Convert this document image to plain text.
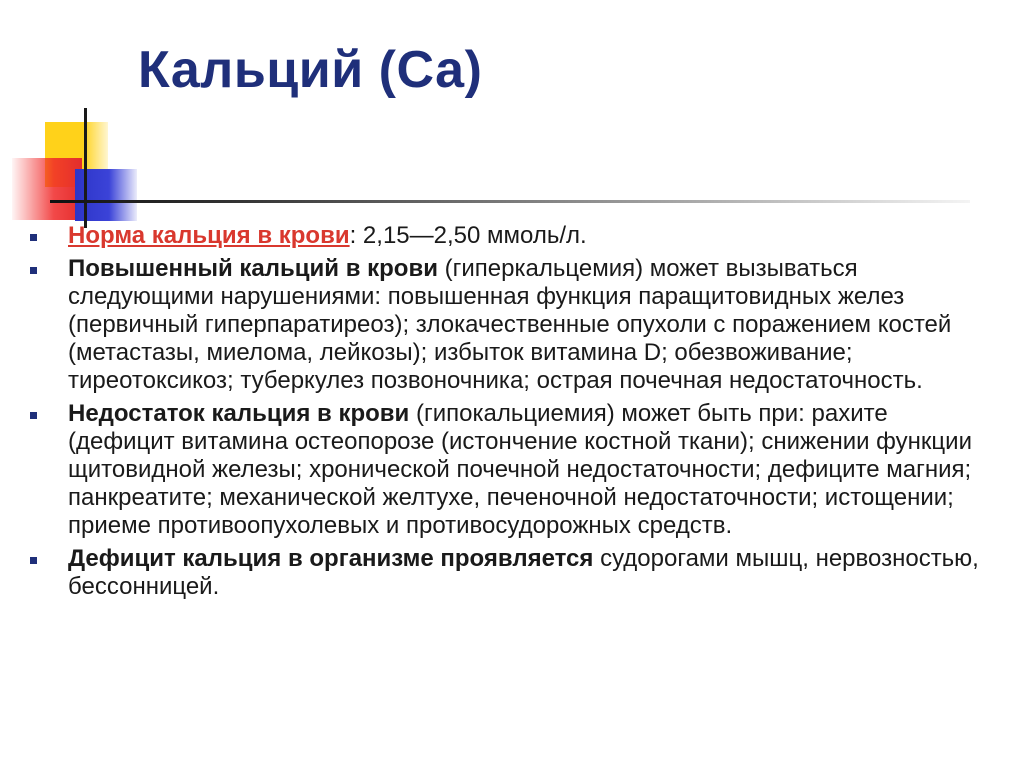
Кальций (Са)
Норма кальция в крови: 2,15—2,50 ммоль/л.
Повышенный кальций в крови (гиперкальцемия) может вызываться следующими нарушениями: повышенная функция паращитовидных желез (первичный гиперпаратиреоз); злокачественные опухоли с поражением костей (метастазы, миелома, лейкозы); избыток витамина D; обезвоживание; тиреотоксикоз; туберкулез позвоночника; острая почечная недостаточность.
Недостаток кальция в крови (гипокальциемия) может быть при: рахите (дефицит витамина остеопорозе (истончение костной ткани); снижении функции щитовидной железы; хронической почечной недостаточности; дефиците магния; панкреатите; механической желтухе, печеночной недостаточности; истощении; приеме противоопухолевых и противосудорожных средств.
Дефицит кальция в организме проявляется судорогами мышц, нервозностью, бессонницей.
